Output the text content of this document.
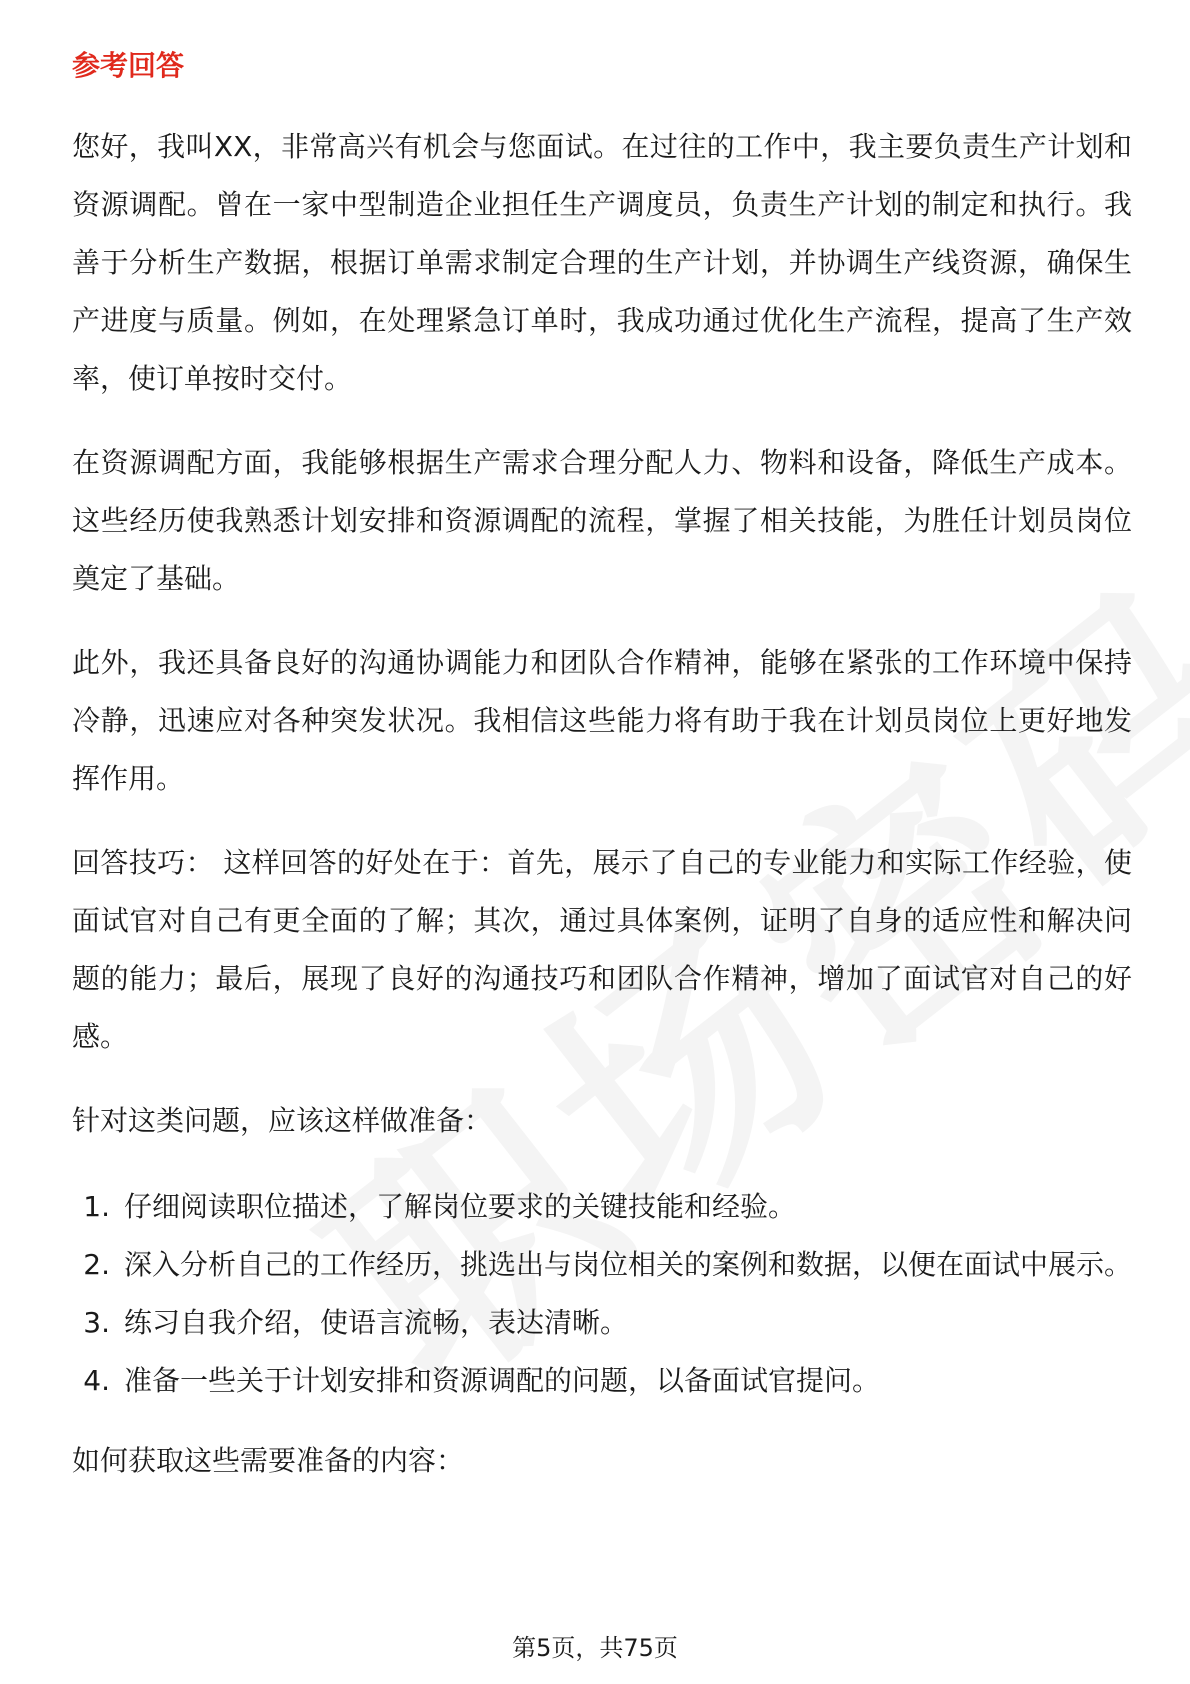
参考回答

您好，我叫XX，非常高兴有机会与您面试。在过往的工作中，我主要负责生产计划和资源调配。曾在一家中型制造企业担任生产调度员，负责生产计划的制定和执行。我善于分析生产数据，根据订单需求制定合理的生产计划，并协调生产线资源，确保生产进度与质量。例如，在处理紧急订单时，我成功通过优化生产流程，提高了生产效率，使订单按时交付。

在资源调配方面，我能够根据生产需求合理分配人力、物料和设备，降低生产成本。这些经历使我熟悉计划安排和资源调配的流程，掌握了相关技能，为胜任计划员岗位奠定了基础。

此外，我还具备良好的沟通协调能力和团队合作精神，能够在紧张的工作环境中保持冷静，迅速应对各种突发状况。我相信这些能力将有助于我在计划员岗位上更好地发挥作用。

回答技巧： 这样回答的好处在于：首先，展示了自己的专业能力和实际工作经验，使面试官对自己有更全面的了解；其次，通过具体案例，证明了自身的适应性和解决问题的能力；最后，展现了良好的沟通技巧和团队合作精神，增加了面试官对自己的好感。

针对这类问题，应该这样做准备：

1. 仔细阅读职位描述，了解岗位要求的关键技能和经验。
2. 深入分析自己的工作经历，挑选出与岗位相关的案例和数据，以便在面试中展示。
3. 练习自我介绍，使语言流畅，表达清晰。
4. 准备一些关于计划安排和资源调配的问题，以备面试官提问。

如何获取这些需要准备的内容：

第5页，共75页
